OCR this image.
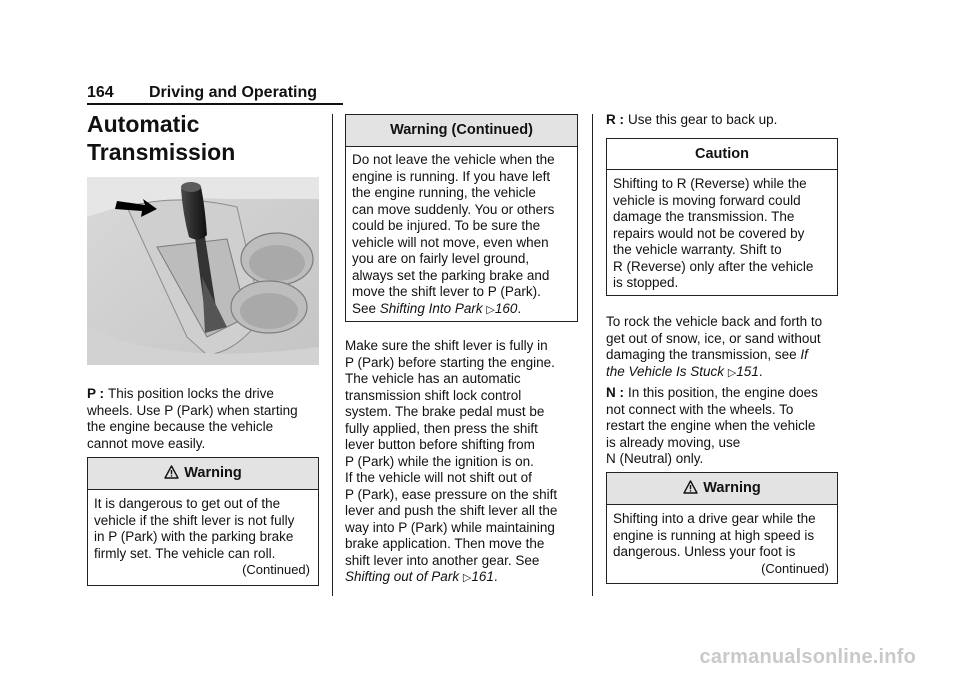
164 Driving and Operating
Automatic
Transmission

P : This position locks the drive
wheels. Use P (Park) when starting
the engine because the vehicle
cannot move easily.

Warning
It is dangerous to get out of the
vehicle if the shift lever is not fully
in P (Park) with the parking brake
firmly set. The vehicle can roll.
(Continued)
Warning (Continued)
Do not leave the vehicle when the
engine is running. If you have left
the engine running, the vehicle
can move suddenly. You or others
could be injured. To be sure the
vehicle will not move, even when
you are on fairly level ground,
always set the parking brake and
move the shift lever to P (Park).
See Shifting Into Park ▷160.

Make sure the shift lever is fully in
P (Park) before starting the engine.
The vehicle has an automatic
transmission shift lock control
system. The brake pedal must be
fully applied, then press the shift
lever button before shifting from
P (Park) while the ignition is on.
If the vehicle will not shift out of
P (Park), ease pressure on the shift
lever and push the shift lever all the
way into P (Park) while maintaining
brake application. Then move the
shift lever into another gear. See
Shifting out of Park ▷161.

R : Use this gear to back up.

Caution
Shifting to R (Reverse) while the
vehicle is moving forward could
damage the transmission. The
repairs would not be covered by
the vehicle warranty. Shift to
R (Reverse) only after the vehicle
is stopped.

To rock the vehicle back and forth to
get out of snow, ice, or sand without
damaging the transmission, see If
the Vehicle Is Stuck ▷151.

N : In this position, the engine does
not connect with the wheels. To
restart the engine when the vehicle
is already moving, use
N (Neutral) only.

Warning
Shifting into a drive gear while the
engine is running at high speed is
dangerous. Unless your foot is
(Continued)
carmanualsonline.info
